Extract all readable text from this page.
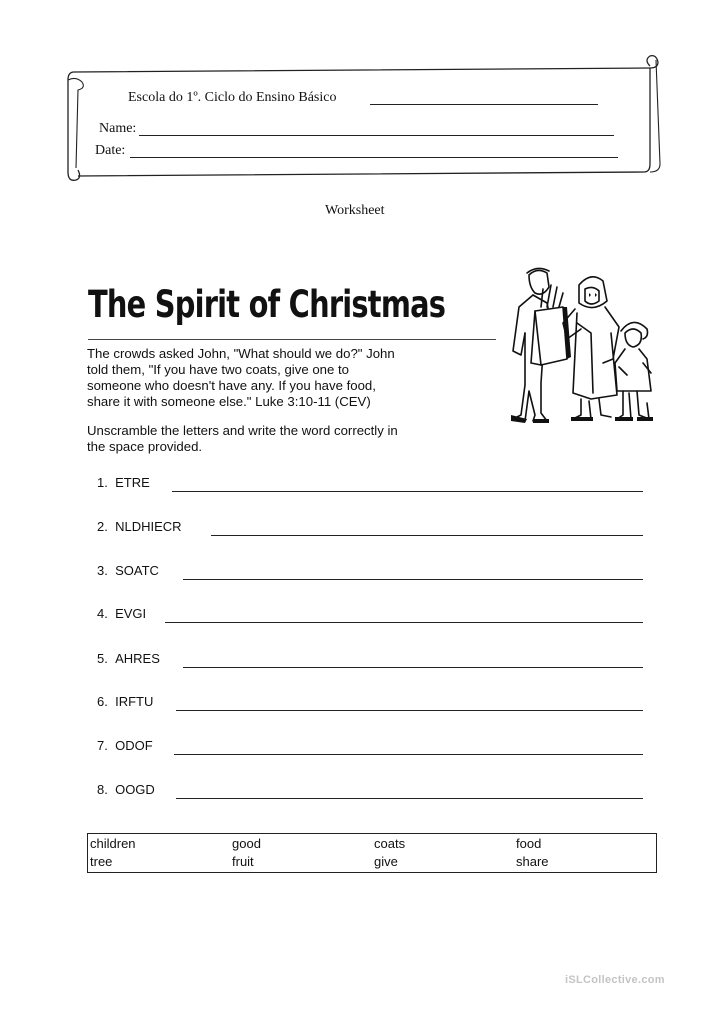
Escola do 1º. Ciclo do Ensino Básico
Name:
Date:
Worksheet
The Spirit of Christmas
The crowds asked John, "What should we do?" John
told them, "If you have two coats, give one to
someone who doesn't have any. If you have food,
share it with someone else." Luke 3:10-11 (CEV)
Unscramble the letters and write the word correctly in
the space provided.
1. ETRE
2. NLDHIECR
3. SOATC
4. EVGI
5. AHRES
6. IRFTU
7. ODOF
8. OOGD
children	good	coats	food
tree	fruit	give	share
iSLCollective.com
